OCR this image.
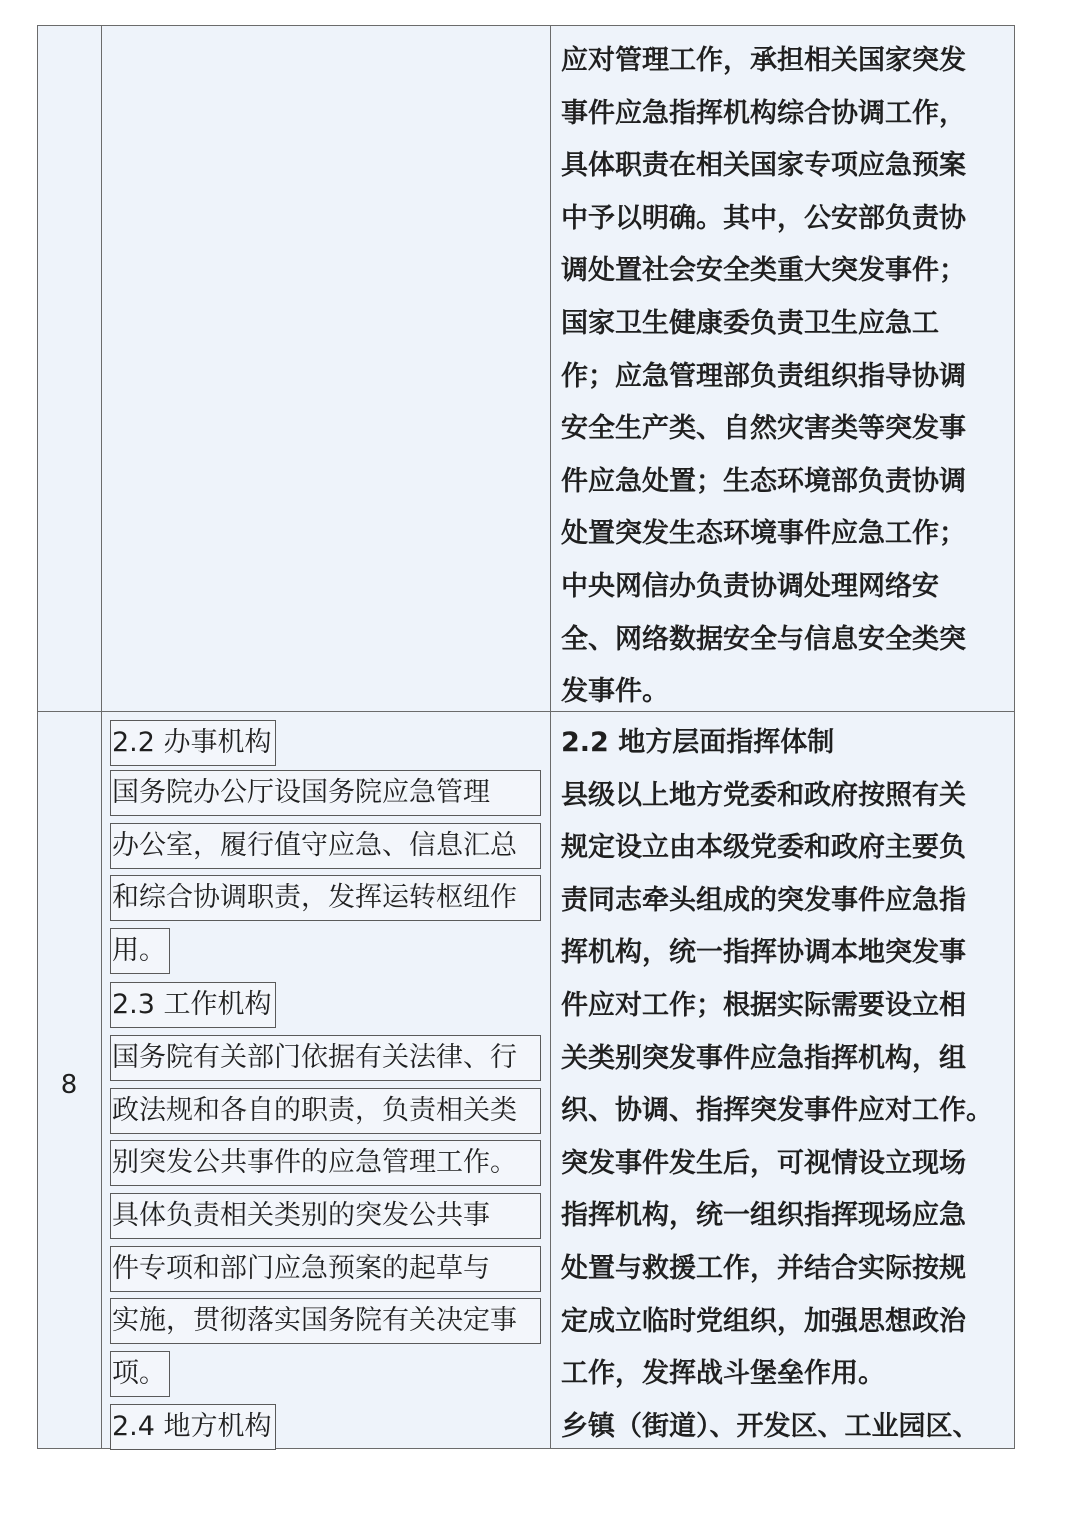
8
应对管理工作，承担相关国家突发
事件应急指挥机构综合协调工作，
具体职责在相关国家专项应急预案
中予以明确。其中，公安部负责协
调处置社会安全类重大突发事件；
国家卫生健康委负责卫生应急工
作；应急管理部负责组织指导协调
安全生产类、自然灾害类等突发事
件应急处置；生态环境部负责协调
处置突发生态环境事件应急工作；
中央网信办负责协调处理网络安
全、网络数据安全与信息安全类突
发事件。
2.2 地方层面指挥体制
县级以上地方党委和政府按照有关
规定设立由本级党委和政府主要负
责同志牵头组成的突发事件应急指
挥机构，统一指挥协调本地突发事
件应对工作；根据实际需要设立相
关类别突发事件应急指挥机构，组
织、协调、指挥突发事件应对工作。
突发事件发生后，可视情设立现场
指挥机构，统一组织指挥现场应急
处置与救援工作，并结合实际按规
定成立临时党组织，加强思想政治
工作，发挥战斗堡垒作用。
乡镇（街道）、开发区、工业园区、
2.2 办事机构
国务院办公厅设国务院应急管理
办公室，履行值守应急、信息汇总
和综合协调职责，发挥运转枢纽作
用。
2.3 工作机构
国务院有关部门依据有关法律、行
政法规和各自的职责，负责相关类
别突发公共事件的应急管理工作。
具体负责相关类别的突发公共事
件专项和部门应急预案的起草与
实施，贯彻落实国务院有关决定事
项。
2.4 地方机构
